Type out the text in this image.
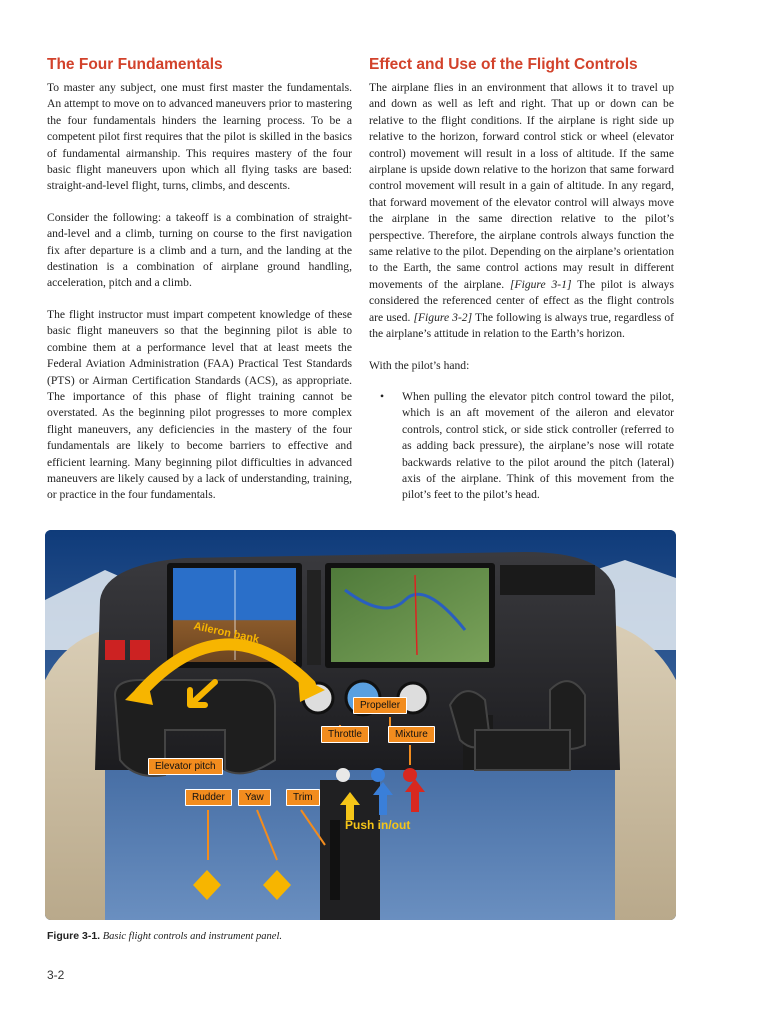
The Four Fundamentals

To master any subject, one must first master the fundamentals. An attempt to move on to advanced maneuvers prior to mastering the four fundamentals hinders the learning process. To be a competent pilot first requires that the pilot is skilled in the basics of fundamental airmanship. This requires mastery of the four basic flight maneuvers upon which all flying tasks are based: straight-and-level flight, turns, climbs, and descents.

Consider the following: a takeoff is a combination of straight-and-level and a climb, turning on course to the first navigation fix after departure is a climb and a turn, and the landing at the destination is a combination of airplane ground handling, acceleration, pitch and a climb.

The flight instructor must impart competent knowledge of these basic flight maneuvers so that the beginning pilot is able to combine them at a performance level that at least meets the Federal Aviation Administration (FAA) Practical Test Standards (PTS) or Airman Certification Standards (ACS), as appropriate. The importance of this phase of flight training cannot be overstated. As the beginning pilot progresses to more complex flight maneuvers, any deficiencies in the mastery of the four fundamentals are likely to become barriers to effective and efficient learning. Many beginning pilot difficulties in advanced maneuvers are likely caused by a lack of understanding, training, or practice in the four fundamentals.

Effect and Use of the Flight Controls

The airplane flies in an environment that allows it to travel up and down as well as left and right. That up or down can be relative to the flight conditions. If the airplane is right side up relative to the horizon, forward control stick or wheel (elevator control) movement will result in a loss of altitude. If the same airplane is upside down relative to the horizon that same forward control movement will result in a gain of altitude. In any regard, that forward movement of the elevator control will always move the airplane in the same direction relative to the pilot’s perspective. Therefore, the airplane controls always function the same relative to the pilot. Depending on the airplane’s orientation to the Earth, the same control actions may result in different movements of the airplane. [Figure 3-1] The pilot is always considered the referenced center of effect as the flight controls are used. [Figure 3-2] The following is always true, regardless of the airplane’s attitude in relation to the Earth’s horizon.

With the pilot’s hand:

• When pulling the elevator pitch control toward the pilot, which is an aft movement of the aileron and elevator controls, control stick, or side stick controller (referred to as adding back pressure), the airplane’s nose will rotate backwards relative to the pilot around the pitch (lateral) axis of the airplane. Think of this movement from the pilot’s feet to the pilot’s head.
Aileron bank
Elevator pitch
Rudder	Yaw	Trim
Propeller
Throttle	Mixture
Push in/out
Figure 3-1. Basic flight controls and instrument panel.
3-2
